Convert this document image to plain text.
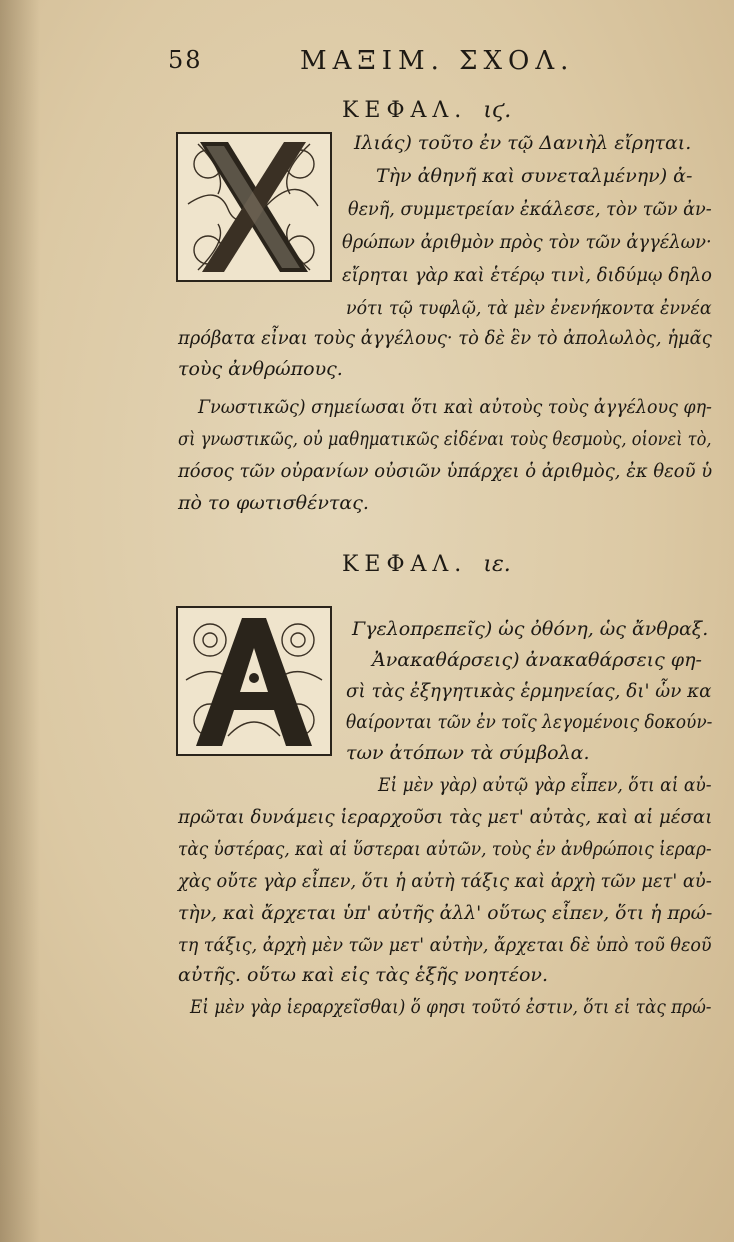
58	ΜΑΞΙΜ. ΣΧΟΛ.
ΚΕΦΑΛ. ιϛ.
Ιλιάς) τοῦτο ἐν τῷ Δανιὴλ εἴρηται.
Τὴν ἀθηνῆ καὶ συνεταλμένην) ἀ-
θενῆ, συμμετρείαν ἐκάλεσε, τὸν τῶν ἀν-
θρώπων ἀριθμὸν πρὸς τὸν τῶν ἀγγέλων·
εἴρηται γὰρ καὶ ἑτέρῳ τινὶ, διδύμῳ δηλο
νότι τῷ τυφλῷ, τὰ μὲν ἐνενήκοντα ἐννέα
πρόβατα εἶναι τοὺς ἀγγέλους· τὸ δὲ ἓν τὸ ἀπολωλὸς, ἡμᾶς
τοὺς ἀνθρώπους.
Γνωστικῶς) σημείωσαι ὅτι καὶ αὐτοὺς τοὺς ἀγγέλους φη-
σὶ γνωστικῶς, οὐ μαθηματικῶς εἰδέναι τοὺς θεσμοὺς, οἱονεὶ τὸ,
πόσος τῶν οὐρανίων οὐσιῶν ὑπάρχει ὁ ἀριθμὸς, ἐκ θεοῦ ὑ
πὸ το φωτισθέντας.
ΚΕΦΑΛ. ιε.
Γγελοπρεπεῖς) ὡς ὀθόνη, ὡς ἄνθραξ.
Ἀνακαθάρσεις) ἀνακαθάρσεις φη-
σὶ τὰς ἐξηγητικὰς ἑρμηνείας, δι' ὧν κα
θαίρονται τῶν ἐν τοῖς λεγομένοις δοκούν-
των ἀτόπων τὰ σύμβολα.
Εἰ μὲν γὰρ) αὐτῷ γὰρ εἶπεν, ὅτι αἱ αὐ-
πρῶται δυνάμεις ἱεραρχοῦσι τὰς μετ' αὐτὰς, καὶ αἱ μέσαι
τὰς ὑστέρας, καὶ αἱ ὕστεραι αὐτῶν, τοὺς ἐν ἀνθρώποις ἱεραρ-
χὰς οὔτε γὰρ εἶπεν, ὅτι ἡ αὐτὴ τάξις καὶ ἀρχὴ τῶν μετ' αὐ-
τὴν, καὶ ἄρχεται ὑπ' αὐτῆς ἀλλ' οὕτως εἶπεν, ὅτι ἡ πρώ-
τη τάξις, ἀρχὴ μὲν τῶν μετ' αὐτὴν, ἄρχεται δὲ ὑπὸ τοῦ θεοῦ
αὐτῆς. οὕτω καὶ εἰς τὰς ἑξῆς νοητέον.
Εἰ μὲν γὰρ ἱεραρχεῖσθαι) ὅ φησι τοῦτό ἐστιν, ὅτι εἰ τὰς πρώ-
